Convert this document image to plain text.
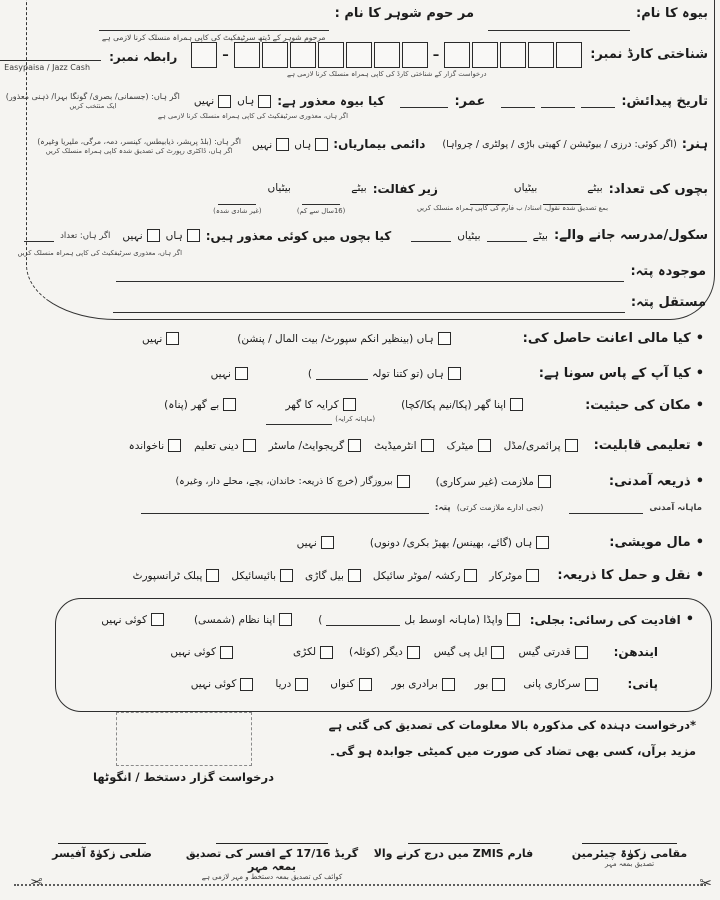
بیوہ کا نام:
مر حوم شوہر کا نام :
مرحوم شوہر کے ڈیتھ سرٹیفکیٹ کی کاپی ہمراہ منسلک کرنا لازمی ہے
شناختی کارڈ نمبر:
–
–
درخواست گزار کے شناختی کارڈ کی کاپی ہمراہ منسلک کرنا لازمی ہے
رابطہ نمبر:
Easypaisa / Jazz Cash
تاریخ پیدائش:
عمر:
کیا بیوہ معذور ہے:
ہاں
نہیں
اگر ہاں: (جسمانی/ بصری/ گونگا بہرا/ ذہنی معذور)
ایک منتخب کریں
اگر ہاں، معذوری سرٹیفکیٹ کی کاپی ہمراہ منسلک کرنا لازمی ہے
ہنر:
(اگر کوئی: درزی / بیوٹیشن / کھیتی باڑی / پولٹری / چرواہا)
دائمی بیماریاں:
ہاں
نہیں
اگر ہاں: (بلڈ پریشر، ذیابیطس، کینسر، دمہ، مرگی، ملیریا وغیرہ)
اگر ہاں، ڈاکٹری رپورٹ کی تصدیق شدہ کاپی ہمراہ منسلک کریں
بچوں کی تعداد:
بیٹے
بیٹیاں
زیر کفالت:
بیٹے
(16سال سے کم)
بیٹیاں
(غیر شادی شدہ)	بمع تصدیق شدہ نقول، اسناد/ ب فارم کی کاپی ہمراہ منسلک کریں
سکول/مدرسہ جانے والے:
بیٹے
بیٹیاں
کیا بچوں میں کوئی معذور ہیں:
ہاں
نہیں
اگر ہاں: تعداد
اگر ہاں، معذوری سرٹیفکیٹ کی کاپی ہمراہ منسلک کریں
موجودہ پتہ:
مستقل پتہ:
• کیا مالی اعانت حاصل کی:
ہاں (بینظیر انکم سپورٹ/ بیت المال / پنشن)
نہیں
• کیا آپ کے پاس سونا ہے:
ہاں (تو کتنا تولہ
)
نہیں
• مکان کی حیثیت:
اپنا گھر (پکا/نیم پکا/کچا)
کرایہ کا گھر
(ماہانہ کرایہ)
بے گھر (پناہ)
• تعلیمی قابلیت:
پرائمری/مڈل
میٹرک
انٹرمیڈیٹ
گریجوایٹ/ ماسٹر
دینی تعلیم
ناخواندہ
• ذریعہ آمدنی:
ملازمت (غیر سرکاری)
بیروزگار (خرچ کا ذریعہ: خاندان، بچے، محلے دار، وغیرہ)
ماہانہ آمدنی
(نجی ادارے ملازمت کرتی)
پتہ:
• مال مویشی:
ہاں (گائے، بھینس/ بھیڑ بکری/ دونوں)
نہیں
• نقل و حمل کا ذریعہ:
موٹرکار
رکشہ /موٹر سائیکل
بیل گاڑی
بائیسائیکل
پبلک ٹرانسپورٹ
• افادیت کی رسائی:
بجلی:
واپڈا (ماہانہ اوسط بل
)
اپنا نظام (شمسی)
کوئی نہیں
ایندھن:
قدرتی گیس
ایل پی گیس
دیگر (کوئلہ)
لکڑی
کوئی نہیں
پانی:
سرکاری پانی
بور
برادری بور
کنواں
دریا
کوئی نہیں
*درخواست دہندہ کی مذکورہ بالا معلومات کی تصدیق کی گئی ہے
مزید برآں، کسی بھی تضاد کی صورت میں کمیٹی جوابدہ ہو گی۔
درخواست گزار دستخط / انگوٹھا
مقامی زکوٰۃ چیئرمین
تصدیق بمعہ مہر
فارم ZMIS میں درج کرنے والا
گریڈ 17/16 کے افسر کی تصدیق بمعہ مہر
کوائف کی تصدیق بمعہ دستخط و مہر لازمی ہے
ضلعی زکوٰۃ آفیسر
✂	✂
